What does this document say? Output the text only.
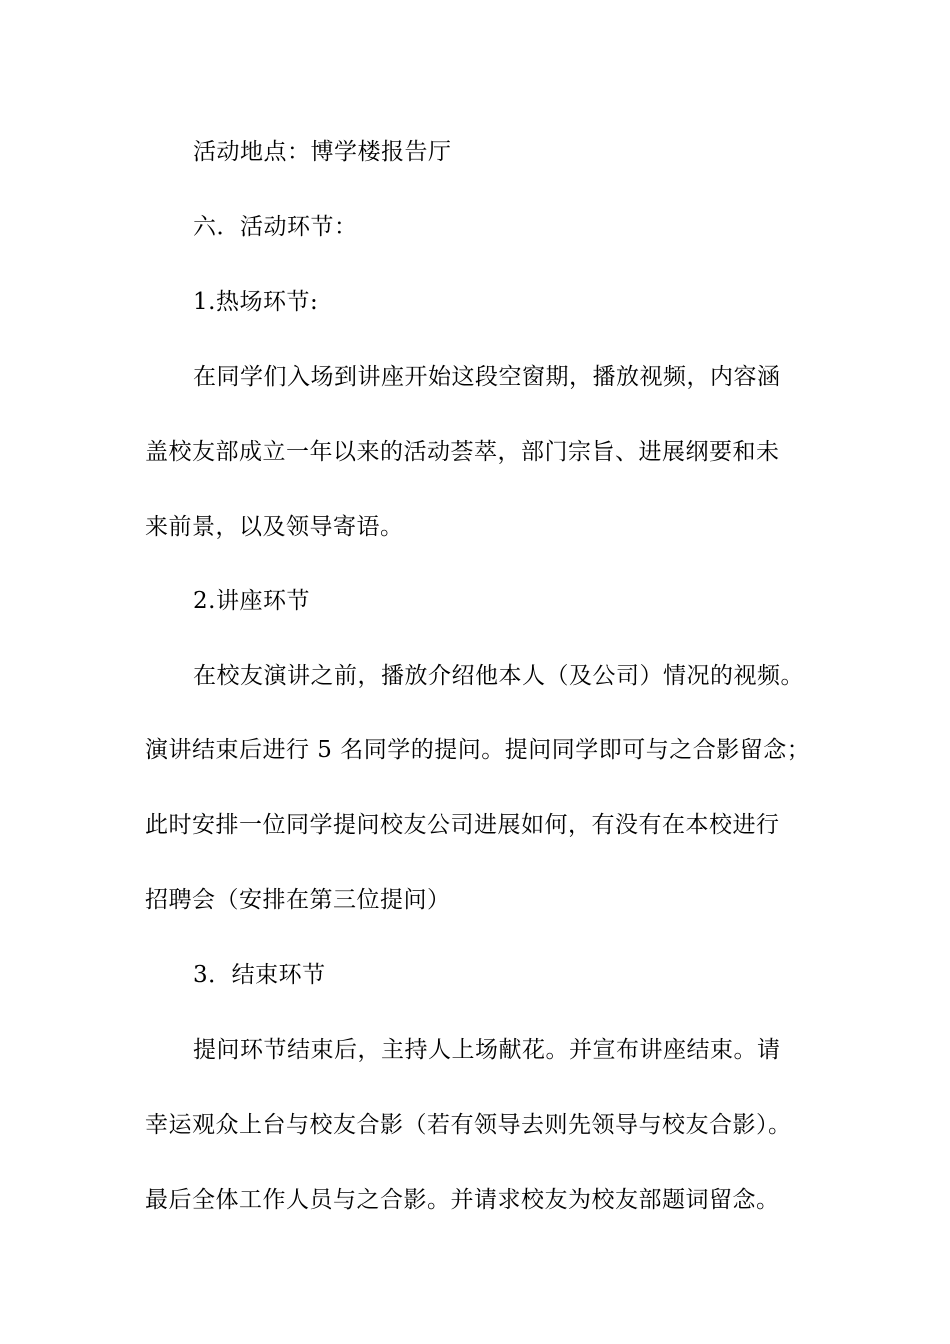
活动地点：博学楼报告厅
六．活动环节：
1.热场环节:
在同学们入场到讲座开始这段空窗期，播放视频，内容涵
盖校友部成立一年以来的活动荟萃，部门宗旨、进展纲要和未
来前景，以及领导寄语。
2.讲座环节
在校友演讲之前，播放介绍他本人（及公司）情况的视频。
演讲结束后进行 5 名同学的提问。提问同学即可与之合影留念；
此时安排一位同学提问校友公司进展如何，有没有在本校进行
招聘会（安排在第三位提问）
3．结束环节
提问环节结束后，主持人上场献花。并宣布讲座结束。请
幸运观众上台与校友合影（若有领导去则先领导与校友合影）。
最后全体工作人员与之合影。并请求校友为校友部题词留念。
